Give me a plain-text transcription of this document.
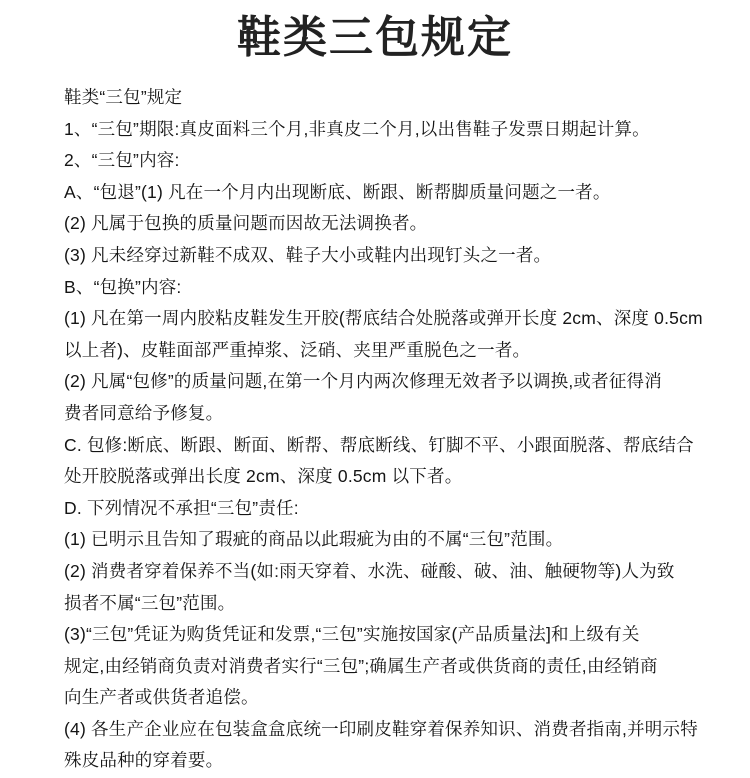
鞋类三包规定
鞋类“三包”规定
1、“三包”期限:真皮面料三个月,非真皮二个月,以出售鞋子发票日期起计算。
2、“三包”内容:
A、“包退”(1) 凡在一个月内出现断底、断跟、断帮脚质量问题之一者。
(2) 凡属于包换的质量问题而因故无法调换者。
(3) 凡未经穿过新鞋不成双、鞋子大小或鞋内出现钉头之一者。
B、“包换”内容:
(1) 凡在第一周内胶粘皮鞋发生开胶(帮底结合处脱落或弹开长度 2cm、深度 0.5cm
以上者)、皮鞋面部严重掉浆、泛硝、夹里严重脱色之一者。
(2) 凡属“包修”的质量问题,在第一个月内两次修理无效者予以调换,或者征得消
费者同意给予修复。
C. 包修:断底、断跟、断面、断帮、帮底断线、钉脚不平、小跟面脱落、帮底结合
处开胶脱落或弹出长度 2cm、深度 0.5cm 以下者。
D. 下列情况不承担“三包”责任:
(1) 已明示且告知了瑕疵的商品以此瑕疵为由的不属“三包”范围。
(2) 消费者穿着保养不当(如:雨天穿着、水洗、碰酸、破、油、触硬物等)人为致
损者不属“三包”范围。
(3)“三包”凭证为购货凭证和发票,“三包”实施按国家(产品质量法]和上级有关
规定,由经销商负责对消费者实行“三包”;确属生产者或供货商的责任,由经销商
向生产者或供货者追偿。
(4) 各生产企业应在包装盒盒底统一印刷皮鞋穿着保养知识、消费者指南,并明示特
殊皮品种的穿着要。
